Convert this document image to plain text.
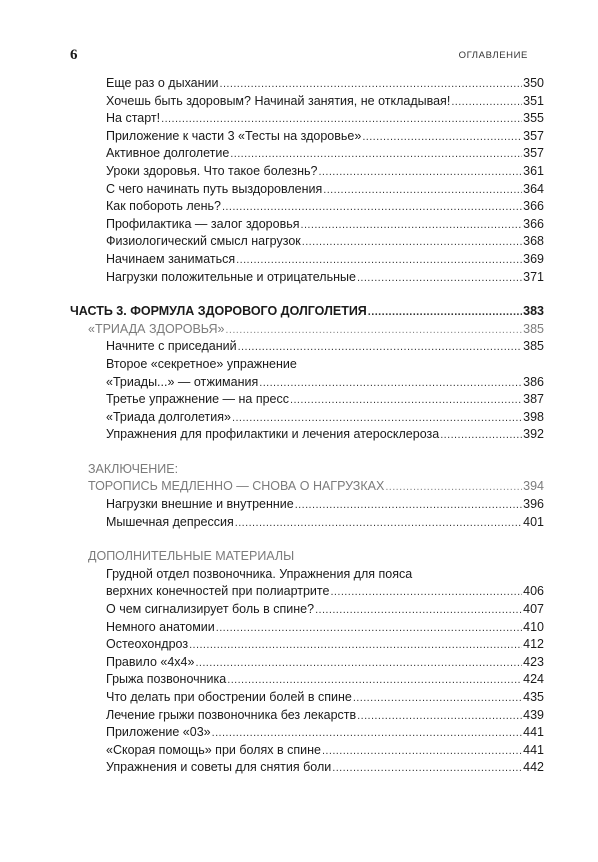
6	ОГЛАВЛЕНИЕ
Еще раз о дыхании .....	350
Хочешь быть здоровым? Начинай занятия, не откладывая! .....	351
На старт! .....	355
Приложение к части 3 «Тесты на здоровье» .....	357
Активное долголетие .....	357
Уроки здоровья. Что такое болезнь? .....	361
С чего начинать путь выздоровления .....	364
Как побороть лень? .....	366
Профилактика — залог здоровья .....	366
Физиологический смысл нагрузок .....	368
Начинаем заниматься .....	369
Нагрузки положительные и отрицательные .....	371
ЧАСТЬ 3. ФОРМУЛА ЗДОРОВОГО ДОЛГОЛЕТИЯ .....	383
«ТРИАДА ЗДОРОВЬЯ» .....	385
Начните с приседаний .....	385
Второе «секретное» упражнение
«Триады...» — отжимания .....	386
Третье упражнение — на пресс .....	387
«Триада долголетия» .....	398
Упражнения для профилактики и лечения атеросклероза .....	392
ЗАКЛЮЧЕНИЕ:
ТОРОПИСЬ МЕДЛЕННО — СНОВА О НАГРУЗКАХ .....	394
Нагрузки внешние и внутренние .....	396
Мышечная депрессия .....	401
ДОПОЛНИТЕЛЬНЫЕ МАТЕРИАЛЫ
Грудной отдел позвоночника. Упражнения для пояса
верхних конечностей при полиартрите .....	406
О чем сигнализирует боль в спине? .....	407
Немного анатомии .....	410
Остеохондроз .....	412
Правило «4х4» .....	423
Грыжа позвоночника .....	424
Что делать при обострении болей в спине .....	435
Лечение грыжи позвоночника без лекарств .....	439
Приложение «03» .....	441
«Скорая помощь» при болях в спине .....	441
Упражнения и советы для снятия боли .....	442
